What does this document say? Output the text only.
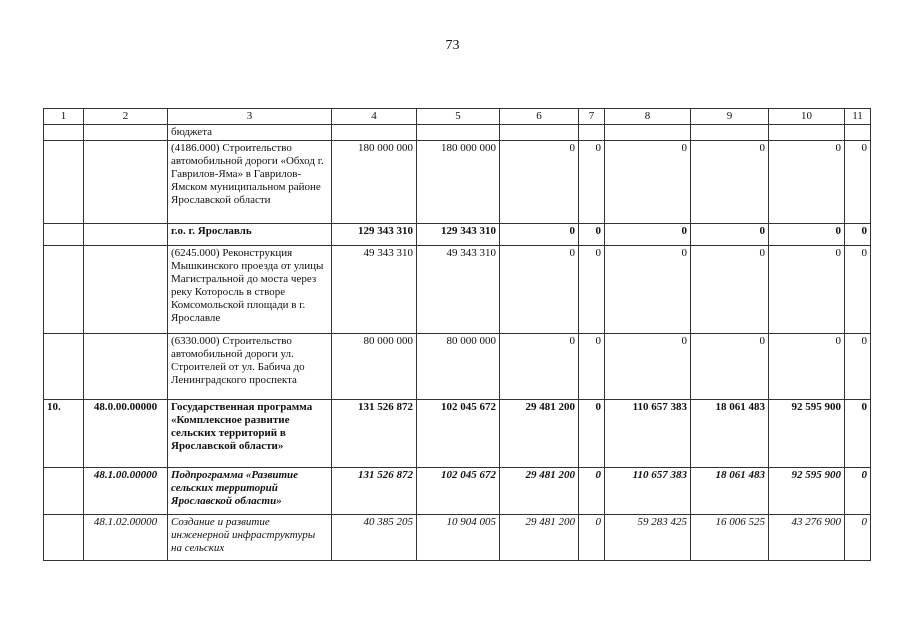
73
1	2	3	4	5	6	7	8	9	10	11
		бюджета								
		(4186.000) Строительство автомобильной дороги «Обход г. Гаврилов-Яма» в Гаврилов-Ямском муниципальном районе Ярославской области	180 000 000	180 000 000	0	0	0	0	0	0
		г.о. г. Ярославль	129 343 310	129 343 310	0	0	0	0	0	0
		(6245.000) Реконструкция Мышкинского проезда от улицы Магистральной до моста через реку Которосль в створе Комсомольской площади в г. Ярославле	49 343 310	49 343 310	0	0	0	0	0	0
		(6330.000) Строительство автомобильной дороги ул. Строителей от ул. Бабича до Ленинградского проспекта	80 000 000	80 000 000	0	0	0	0	0	0
10.	48.0.00.00000	Государственная программа «Комплексное развитие сельских территорий в Ярославской области»	131 526 872	102 045 672	29 481 200	0	110 657 383	18 061 483	92 595 900	0
	48.1.00.00000	Подпрограмма «Развитие сельских территорий Ярославской области»	131 526 872	102 045 672	29 481 200	0	110 657 383	18 061 483	92 595 900	0
	48.1.02.00000	Создание и развитие инженерной инфраструктуры на сельских	40 385 205	10 904 005	29 481 200	0	59 283 425	16 006 525	43 276 900	0
